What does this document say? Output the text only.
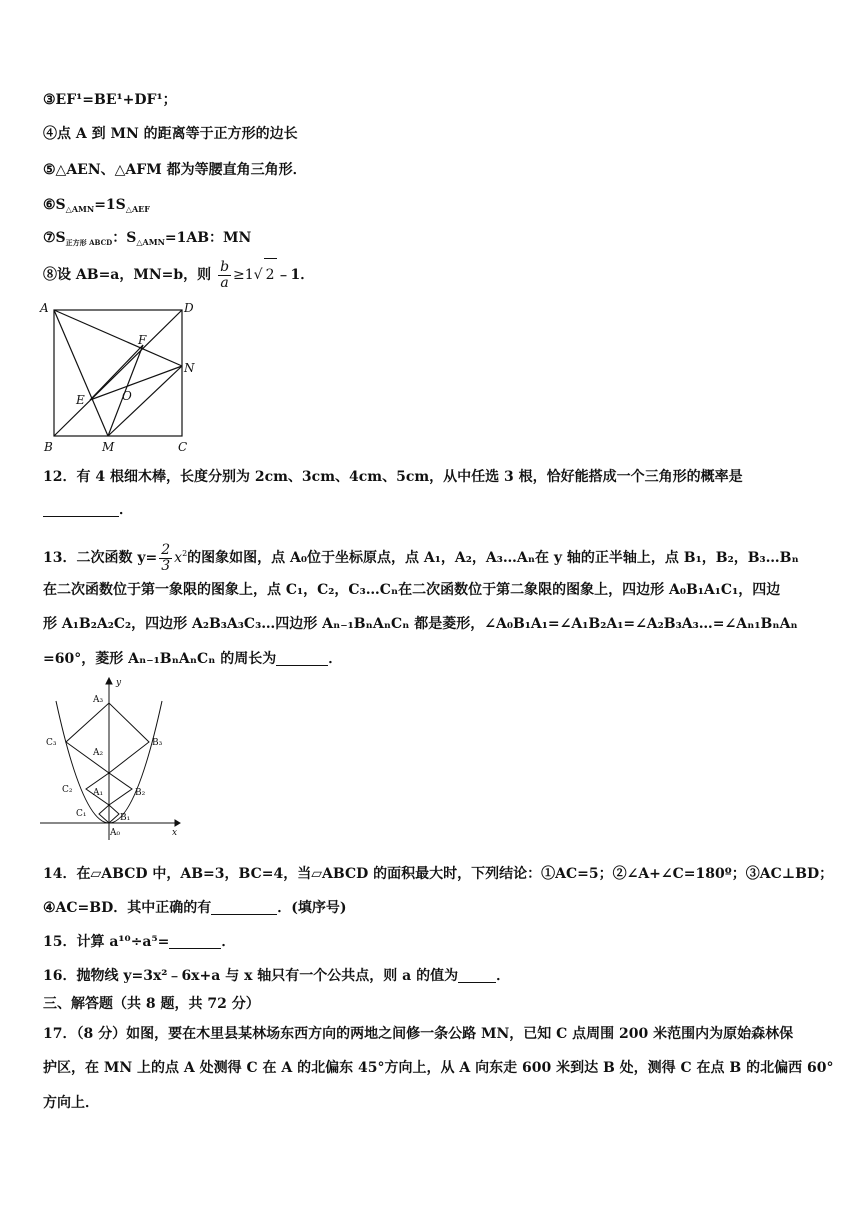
③EF¹=BE¹+DF¹；
④点 A 到 MN 的距离等于正方形的边长
⑤△AEN、△AFM 都为等腰直角三角形．
$⑥S_{\triangle AMN}=1S_{\triangle AEF}$
$⑦S_{正方形 ABCD}$：$S_{\triangle AMN}=1AB$：MN
⑧设 AB=a，MN=b，则 $\frac{b}{a} \ge 1√$ 2 ﹣1．
A	D
F
N
E	O
B	M	C
12．有 4 根细木棒，长度分别为 2cm、3cm、4cm、5cm，从中任选 3 根，恰好能搭成一个三角形的概率是
．
13．二次函数 $y= \frac{2}{3} x^2$的图象如图，点 A₀位于坐标原点，点 A₁，A₂，A₃…Aₙ在 y 轴的正半轴上，点 B₁，B₂，B₃…Bₙ
在二次函数位于第一象限的图象上，点 C₁，C₂，C₃…Cₙ在二次函数位于第二象限的图象上，四边形 A₀B₁A₁C₁，四边
形 A₁B₂A₂C₂，四边形 A₂B₃A₃C₃…四边形 Aₙ₋₁BₙAₙCₙ 都是菱形，∠A₀B₁A₁=∠A₁B₂A₁=∠A₂B₃A₃…=∠Aₙ₁BₙAₙ
=60°，菱形 Aₙ₋₁BₙAₙCₙ 的周长为	．
y
x
A₃
A₂
A₁
A₀
B₃
B₂
B₁
C₃
C₂
C₁
14．在▱ABCD 中，AB=3，BC=4，当▱ABCD 的面积最大时，下列结论：①AC=5；②∠A+∠C=180º；③AC⊥BD；
④AC=BD．其中正确的有	．(填序号)
15．计算 a¹⁰÷a⁵=	．
16．抛物线 y=3x²﹣6x+a 与 x 轴只有一个公共点，则 a 的值为	．
三、解答题（共 8 题，共 72 分）
17．（8 分）如图，要在木里县某林场东西方向的两地之间修一条公路 MN，已知 C 点周围 200 米范围内为原始森林保
护区，在 MN 上的点 A 处测得 C 在 A 的北偏东 45°方向上，从 A 向东走 600 米到达 B 处，测得 C 在点 B 的北偏西 60°
方向上．
